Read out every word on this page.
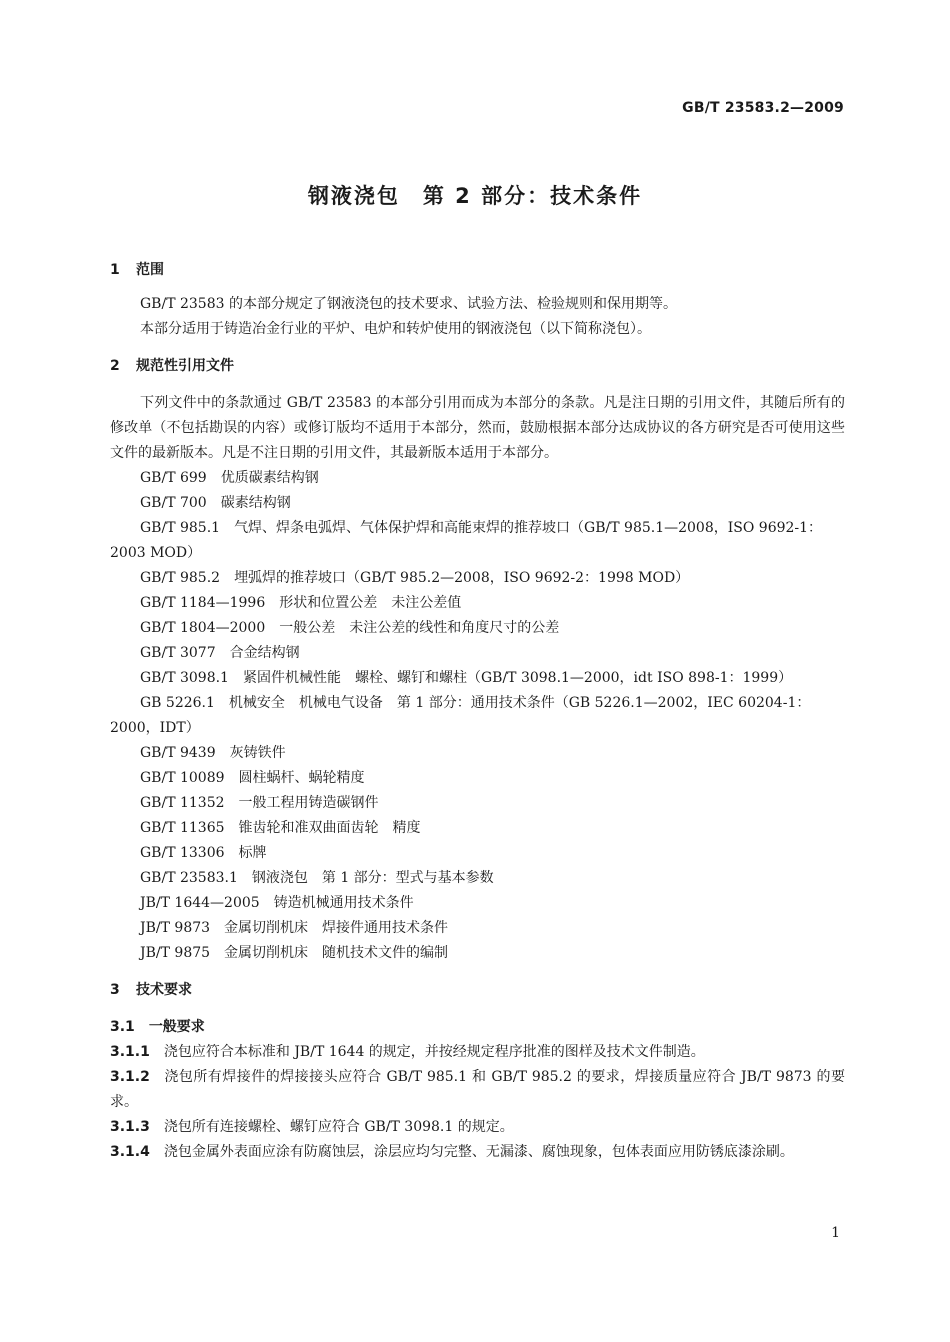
GB/T 23583.2—2009
钢液浇包　第 2 部分：技术条件
1 范围

GB/T 23583 的本部分规定了钢液浇包的技术要求、试验方法、检验规则和保用期等。

本部分适用于铸造冶金行业的平炉、电炉和转炉使用的钢液浇包（以下简称浇包）。

2 规范性引用文件

下列文件中的条款通过 GB/T 23583 的本部分引用而成为本部分的条款。凡是注日期的引用文件，其随后所有的修改单（不包括勘误的内容）或修订版均不适用于本部分，然而，鼓励根据本部分达成协议的各方研究是否可使用这些文件的最新版本。凡是不注日期的引用文件，其最新版本适用于本部分。

GB/T 699 优质碳素结构钢

GB/T 700 碳素结构钢

GB/T 985.1 气焊、焊条电弧焊、气体保护焊和高能束焊的推荐坡口（GB/T 985.1—2008，ISO 9692-1：2003 MOD）

GB/T 985.2 埋弧焊的推荐坡口（GB/T 985.2—2008，ISO 9692-2：1998 MOD）

GB/T 1184—1996 形状和位置公差　未注公差值

GB/T 1804—2000 一般公差　未注公差的线性和角度尺寸的公差

GB/T 3077 合金结构钢

GB/T 3098.1 紧固件机械性能　螺栓、螺钉和螺柱（GB/T 3098.1—2000，idt ISO 898-1：1999）

GB 5226.1 机械安全　机械电气设备　第 1 部分：通用技术条件（GB 5226.1—2002，IEC 60204-1：2000，IDT）

GB/T 9439 灰铸铁件

GB/T 10089 圆柱蜗杆、蜗轮精度

GB/T 11352 一般工程用铸造碳钢件

GB/T 11365 锥齿轮和准双曲面齿轮　精度

GB/T 13306 标牌

GB/T 23583.1 钢液浇包　第 1 部分：型式与基本参数

JB/T 1644—2005 铸造机械通用技术条件

JB/T 9873 金属切削机床　焊接件通用技术条件

JB/T 9875 金属切削机床　随机技术文件的编制

3 技术要求
3.1 一般要求

3.1.1 浇包应符合本标准和 JB/T 1644 的规定，并按经规定程序批准的图样及技术文件制造。

3.1.2 浇包所有焊接件的焊接接头应符合 GB/T 985.1 和 GB/T 985.2 的要求，焊接质量应符合 JB/T 9873 的要求。

3.1.3 浇包所有连接螺栓、螺钉应符合 GB/T 3098.1 的规定。

3.1.4 浇包金属外表面应涂有防腐蚀层，涂层应均匀完整、无漏漆、腐蚀现象，包体表面应用防锈底漆涂刷。

1
